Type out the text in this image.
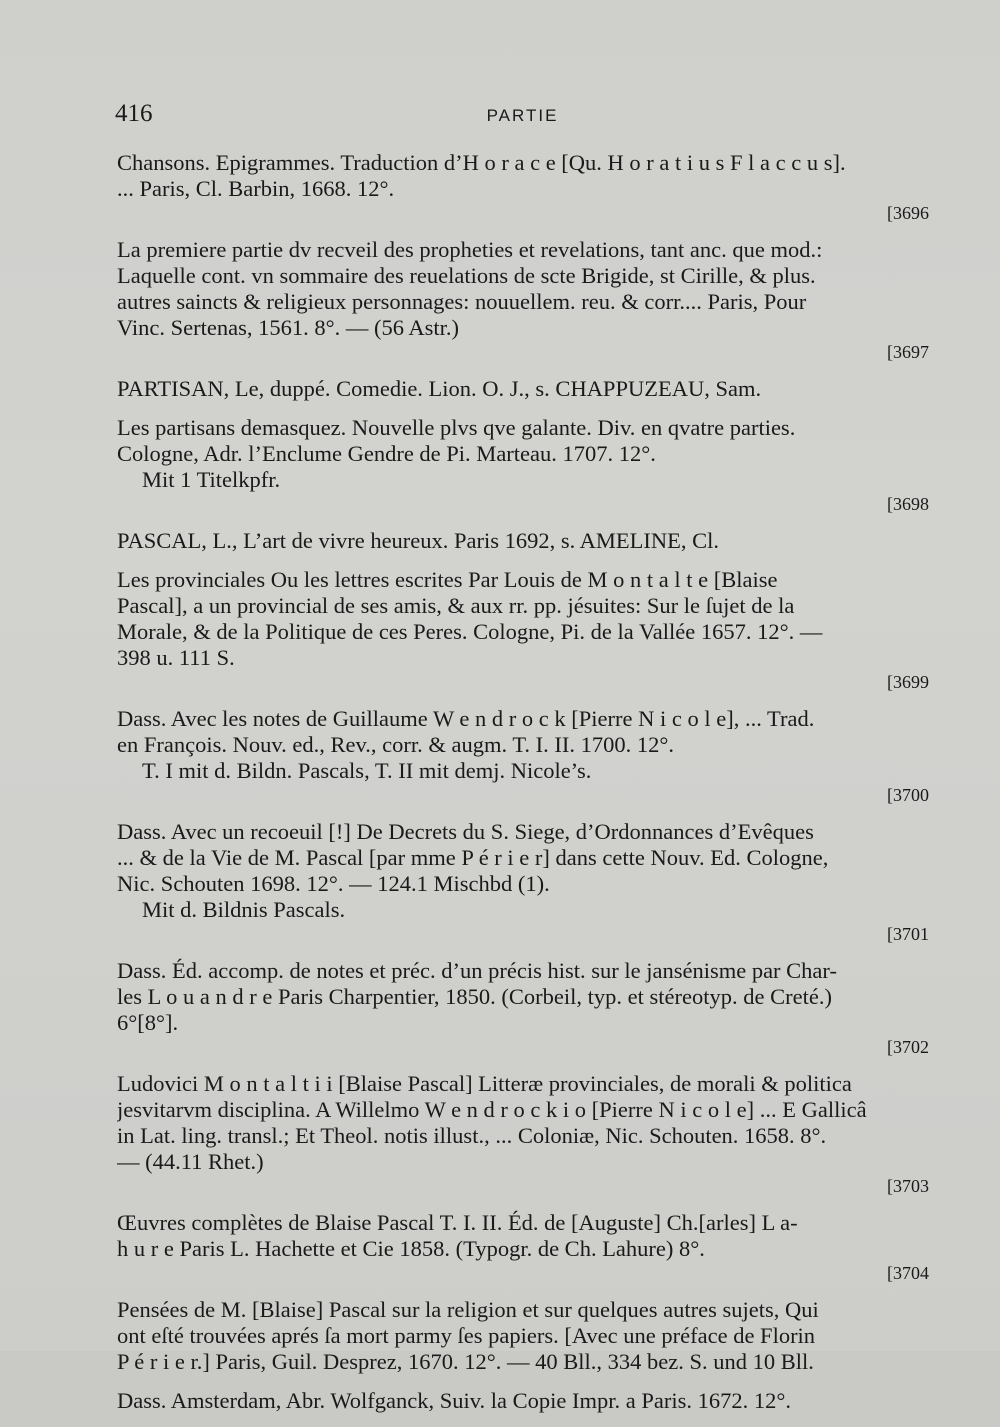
416	PARTIE
Chansons. Epigrammes. Traduction d’H o r a c e [Qu. H o r a t i u s F l a c c u s].
... Paris, Cl. Barbin, 1668. 12°.
[3696
La premiere partie dv recveil des propheties et revelations, tant anc. que mod.:
Laquelle cont. vn sommaire des reuelations de scte Brigide, st Cirille, & plus.
autres saincts & religieux personnages: nouuellem. reu. & corr.... Paris, Pour
Vinc. Sertenas, 1561. 8°. — (56 Astr.)
[3697
PARTISAN, Le, duppé. Comedie. Lion. O. J., s. CHAPPUZEAU, Sam.
Les partisans demasquez. Nouvelle plvs qve galante. Div. en qvatre parties.
Cologne, Adr. l’Enclume Gendre de Pi. Marteau. 1707. 12°.
Mit 1 Titelkpfr.
[3698
PASCAL, L., L’art de vivre heureux. Paris 1692, s. AMELINE, Cl.
Les provinciales Ou les lettres escrites Par Louis de M o n t a l t e [Blaise
Pascal], a un provincial de ses amis, & aux rr. pp. jésuites: Sur le ſujet de la
Morale, & de la Politique de ces Peres. Cologne, Pi. de la Vallée 1657. 12°. —
398 u. 111 S.
[3699
Dass. Avec les notes de Guillaume W e n d r o c k [Pierre N i c o l e], ... Trad.
en François. Nouv. ed., Rev., corr. & augm. T. I. II. 1700. 12°.
T. I mit d. Bildn. Pascals, T. II mit demj. Nicole’s.
[3700
Dass. Avec un recoeuil [!] De Decrets du S. Siege, d’Ordonnances d’Evêques
... & de la Vie de M. Pascal [par mme P é r i e r] dans cette Nouv. Ed. Cologne,
Nic. Schouten 1698. 12°. — 124.1 Mischbd (1).
Mit d. Bildnis Pascals.
[3701
Dass. Éd. accomp. de notes et préc. d’un précis hist. sur le jansénisme par Char-
les L o u a n d r e Paris Charpentier, 1850. (Corbeil, typ. et stéreotyp. de Creté.)
6°[8°].
[3702
Ludovici M o n t a l t i i [Blaise Pascal] Litteræ provinciales, de morali & politica
jesvitarvm disciplina. A Willelmo W e n d r o c k i o [Pierre N i c o l e] ... E Gallicâ
in Lat. ling. transl.; Et Theol. notis illust., ... Coloniæ, Nic. Schouten. 1658. 8°.
— (44.11 Rhet.)
[3703
Œuvres complètes de Blaise Pascal T. I. II. Éd. de [Auguste] Ch.[arles] L a-
h u r e Paris L. Hachette et Cie 1858. (Typogr. de Ch. Lahure) 8°.
[3704
Pensées de M. [Blaise] Pascal sur la religion et sur quelques autres sujets, Qui
ont eſté trouvées aprés ſa mort parmy ſes papiers. [Avec une préface de Florin
P é r i e r.] Paris, Guil. Desprez, 1670. 12°. — 40 Bll., 334 bez. S. und 10 Bll.
Dass. Amsterdam, Abr. Wolfganck, Suiv. la Copie Impr. a Paris. 1672. 12°.
